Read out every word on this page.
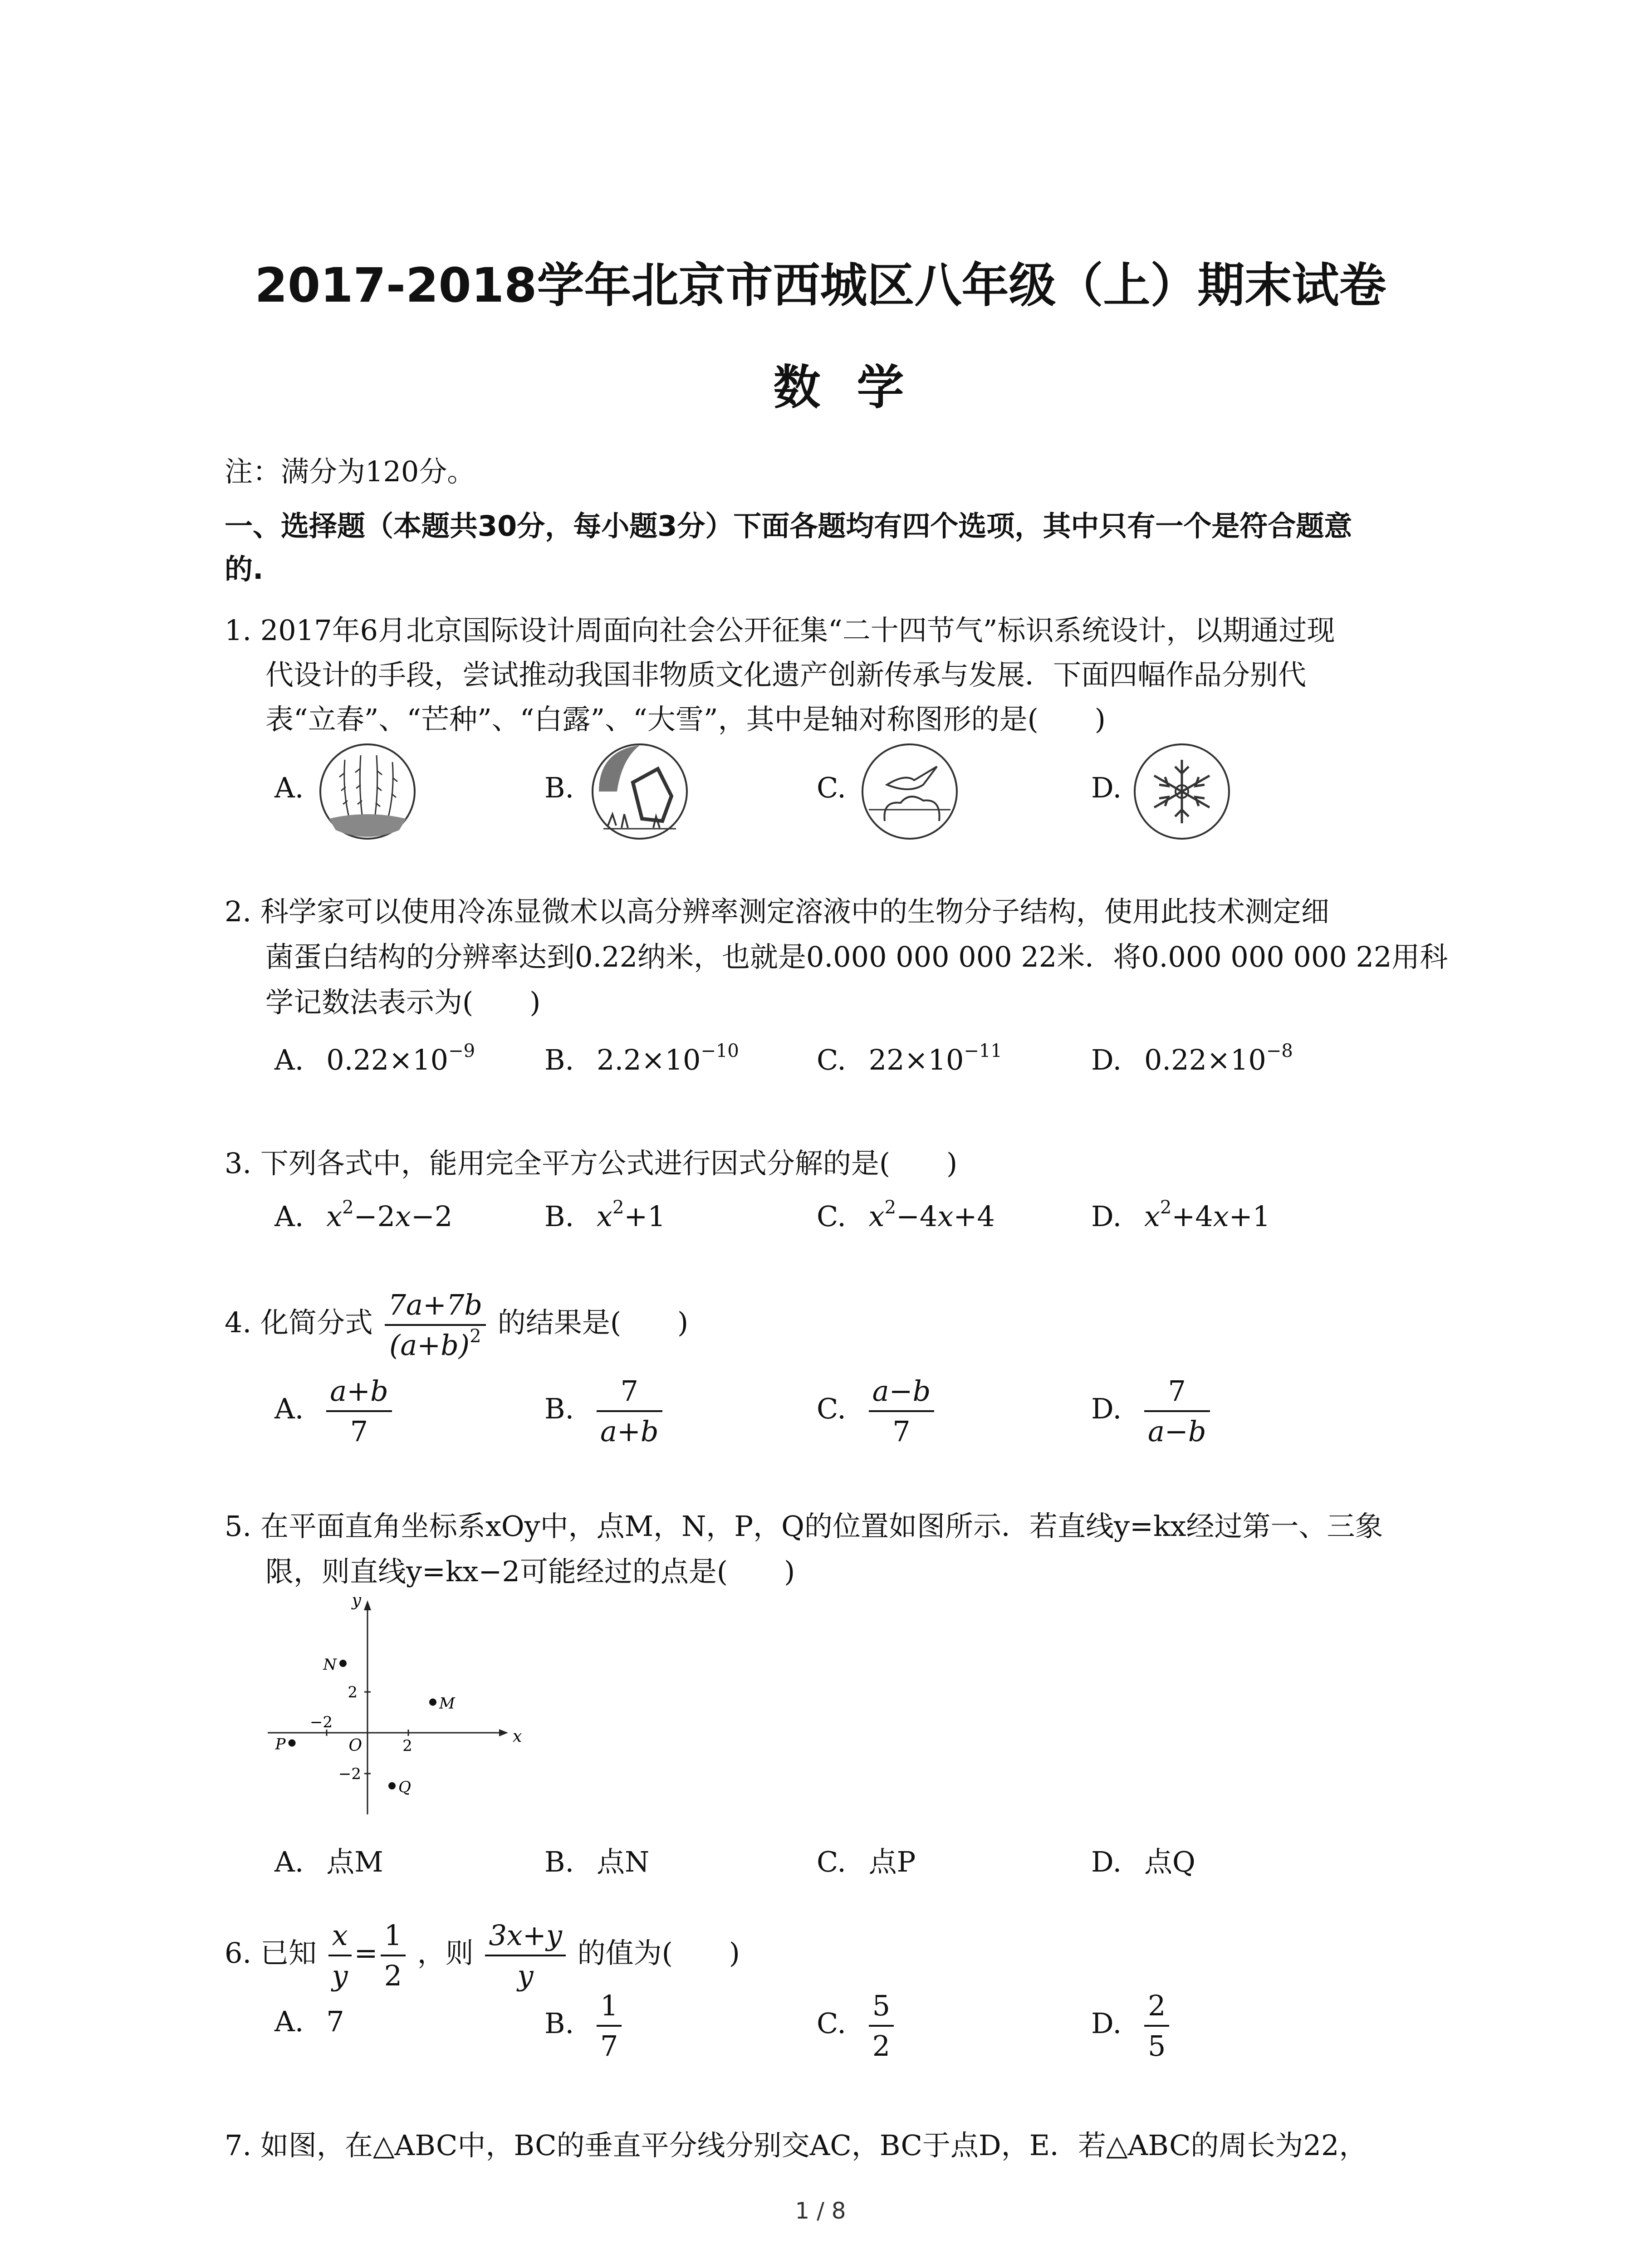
2017-2018学年北京市西城区八年级（上）期末试卷
数学
注：满分为120分。
一、选择题（本题共30分，每小题3分）下面各题均有四个选项，其中只有一个是符合题意
的.
1. 2017年6月北京国际设计周面向社会公开征集“二十四节气”标识系统设计，以期通过现
代设计的手段，尝试推动我国非物质文化遗产创新传承与发展．下面四幅作品分别代
表“立春”、“芒种”、“白露”、“大雪”，其中是轴对称图形的是(　　)
A.	B.	C.	D.
2. 科学家可以使用冷冻显微术以高分辨率测定溶液中的生物分子结构，使用此技术测定细
菌蛋白结构的分辨率达到0.22纳米，也就是0.000 000 000 22米．将0.000 000 000 22用科
学记数法表示为(　　)
A. $0.22\times 10^{-9}$ B. $2.2\times 10^{-10}$	C. $22\times 10^{-11}$	D. $0.22\times 10^{-8}$
3. 下列各式中，能用完全平方公式进行因式分解的是(　　)
A. $x^2-2x-2$	B. $x^2+1$	C. $x^2-4x+4$	D. $x^2+4x+1$
4. 化简分式 $\frac{7a+7b}{(a+b)^2}$ 的结果是(　　)
A. $\frac{a+b}{7}$	B. $\frac{7}{a+b}$	C. $\frac{a-b}{7}$	D. $\frac{7}{a-b}$
5. 在平面直角坐标系xOy中，点M，N，P，Q的位置如图所示．若直线y=kx经过第一、三象
限，则直线y=kx−2可能经过的点是(　　)
y
x
O
−2
2
2
−2
N
M
P
Q
A. 点M	B. 点N	C. 点P	D. 点Q
6. 已知 $\frac{x}{y} = \frac{1}{2}$ ，则 $\frac{3x+y}{y}$ 的值为(　　)
A. 7	B. $\frac{1}{7}$	C. $\frac{5}{2}$	D. $\frac{2}{5}$
7. 如图，在△ABC中，BC的垂直平分线分别交AC，BC于点D，E．若△ABC的周长为22，
1 / 8
